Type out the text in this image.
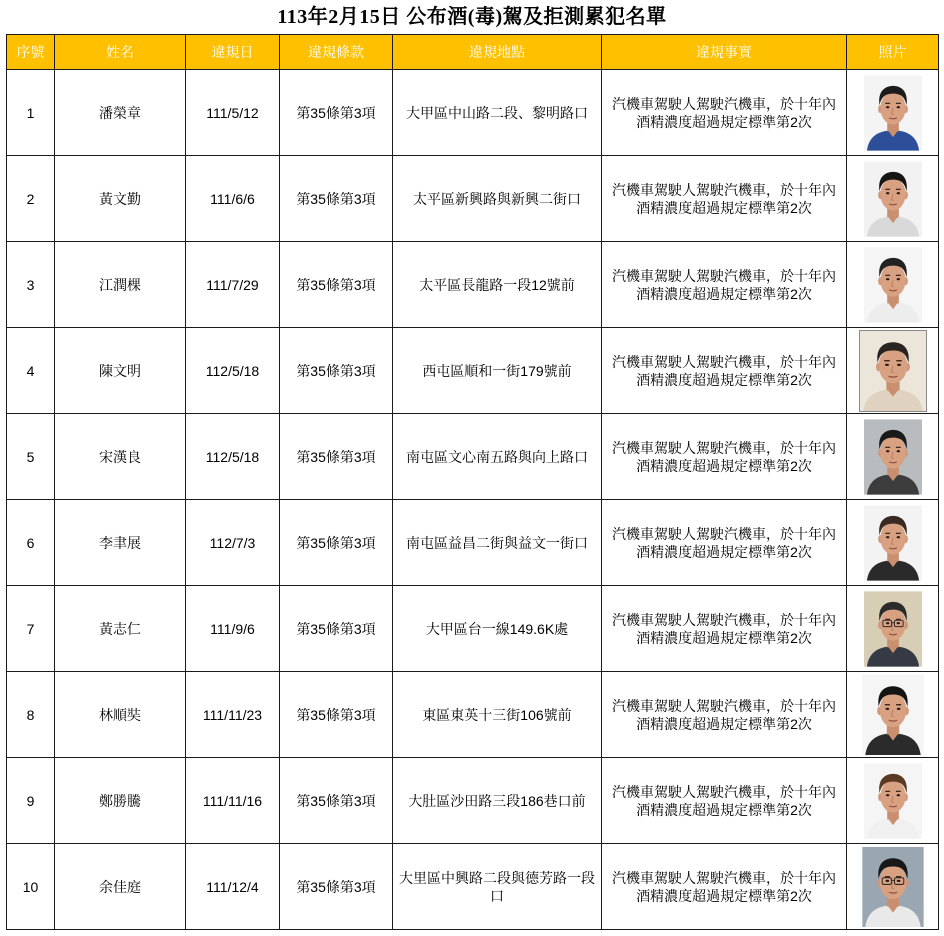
113年2月15日 公布酒(毒)駕及拒測累犯名單
序號	姓名	違規日	違規條款	違規地點	違規事實	照片
1	潘榮章	111/5/12	第35條第3項	大甲區中山路二段、黎明路口	汽機車駕駛人駕駛汽機車，於十年內
酒精濃度超過規定標準第2次

2	黃文勤	111/6/6	第35條第3項	太平區新興路與新興二街口	汽機車駕駛人駕駛汽機車，於十年內
酒精濃度超過規定標準第2次

3	江潤棵	111/7/29	第35條第3項	太平區長龍路一段12號前	汽機車駕駛人駕駛汽機車，於十年內
酒精濃度超過規定標準第2次

4	陳文明	112/5/18	第35條第3項	西屯區順和一街179號前	汽機車駕駛人駕駛汽機車，於十年內
酒精濃度超過規定標準第2次

5	宋漢良	112/5/18	第35條第3項	南屯區文心南五路與向上路口	汽機車駕駛人駕駛汽機車，於十年內
酒精濃度超過規定標準第2次

6	李聿展	112/7/3	第35條第3項	南屯區益昌二街與益文一街口	汽機車駕駛人駕駛汽機車，於十年內
酒精濃度超過規定標準第2次

7	黃志仁	111/9/6	第35條第3項	大甲區台一線149.6K處	汽機車駕駛人駕駛汽機車，於十年內
酒精濃度超過規定標準第2次

8	林順奘	111/11/23	第35條第3項	東區東英十三街106號前	汽機車駕駛人駕駛汽機車，於十年內
酒精濃度超過規定標準第2次

9	鄭勝騰	111/11/16	第35條第3項	大肚區沙田路三段186巷口前	汽機車駕駛人駕駛汽機車，於十年內
酒精濃度超過規定標準第2次

10	余佳庭	111/12/4	第35條第3項	大里區中興路二段與德芳路一段口	汽機車駕駛人駕駛汽機車，於十年內
酒精濃度超過規定標準第2次
